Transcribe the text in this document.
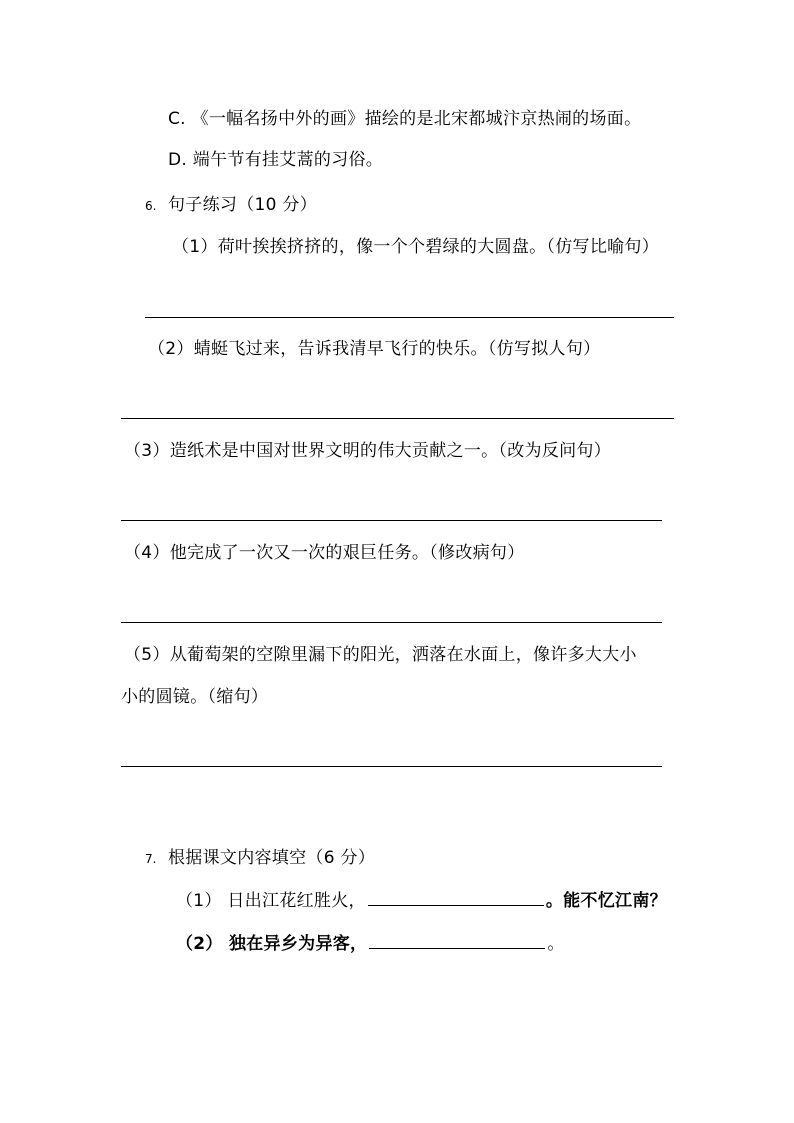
C. 《一幅名扬中外的画》描绘的是北宋都城汴京热闹的场面。
D. 端午节有挂艾蒿的习俗。
6. 句子练习（10 分）
（1）荷叶挨挨挤挤的，像一个个碧绿的大圆盘。（仿写比喻句）
（2）蜻蜓飞过来，告诉我清早飞行的快乐。（仿写拟人句）
（3）造纸术是中国对世界文明的伟大贡献之一。（改为反问句）
（4）他完成了一次又一次的艰巨任务。（修改病句）
（5）从葡萄架的空隙里漏下的阳光，洒落在水面上，像许多大大小
小的圆镜。（缩句）
7. 根据课文内容填空（6 分）
（1） 日出江花红胜火，	。能不忆江南？
（2） 独在异乡为异客，	。
